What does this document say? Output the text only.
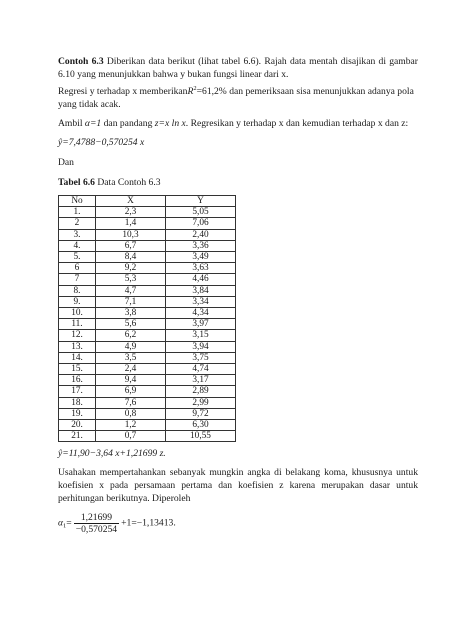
Contoh 6.3 Diberikan data berikut (lihat tabel 6.6). Rajah data mentah disajikan di gambar 6.10 yang menunjukkan bahwa y bukan fungsi linear dari x.
Regresi y terhadap x memberikanR$^2$=61,2% dan pemeriksaan sisa menunjukkan adanya pola yang tidak acak.
Ambil α=1 dan pandang z=x ln x. Regresikan y terhadap x dan kemudian terhadap x dan z:
ŷ=7,4788−0,570254 x
Dan
Tabel 6.6 Data Contoh 6.3
No	X	Y
1.	2,3	5,05
2	1,4	7,06
3.	10,3	2,40
4.	6,7	3,36
5.	8,4	3,49
6	9,2	3,63
7	5,3	4,46
8.	4,7	3,84
9.	7,1	3,34
10.	3,8	4,34
11.	5,6	3,97
12.	6,2	3,15
13.	4,9	3,94
14.	3,5	3,75
15.	2,4	4,74
16.	9,4	3,17
17.	6,9	2,89
18.	7,6	2,99
19.	0,8	9,72
20.	1,2	6,30
21.	0,7	10,55
ŷ=11,90−3,64 x+1,21699 z.
Usahakan mempertahankan sebanyak mungkin angka di belakang koma, khususnya untuk koefisien x pada persamaan pertama dan koefisien z karena merupakan dasar untuk perhitungan berikutnya. Diperoleh
$\alpha_1= \frac{1,21699}{-0,570254} +1=-1,13413$.
